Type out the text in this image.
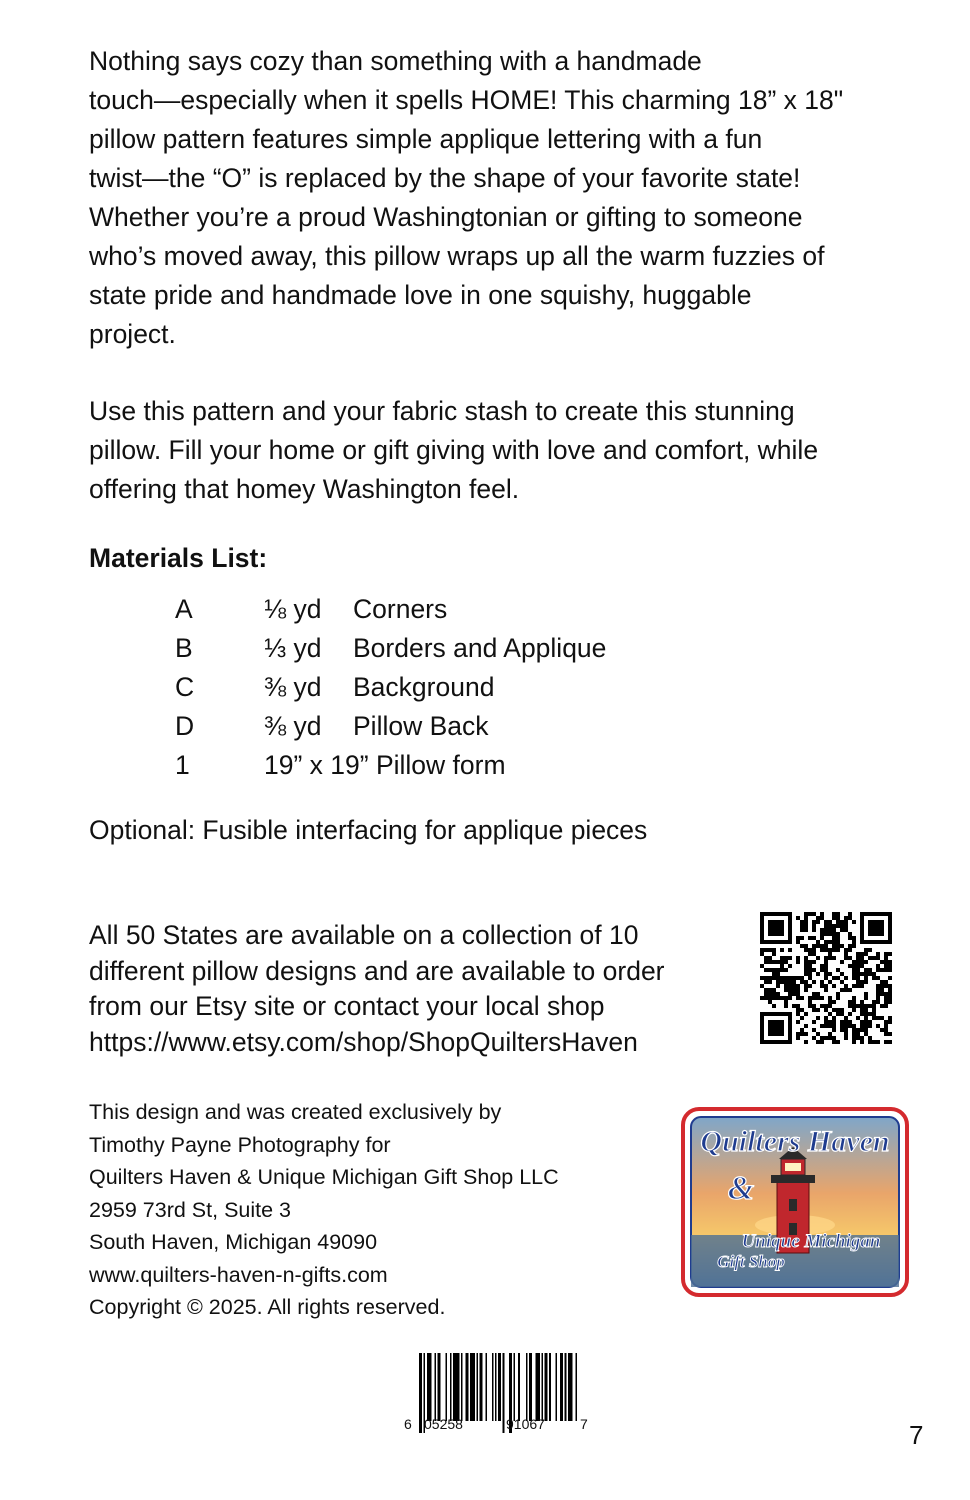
Nothing says cozy than something with a handmade
touch—especially when it spells HOME! This charming 18” x 18"
pillow pattern features simple applique lettering with a fun
twist—the “O” is replaced by the shape of your favorite state!
Whether you’re a proud Washingtonian or gifting to someone
who’s moved away, this pillow wraps up all the warm fuzzies of
state pride and handmade love in one squishy, huggable
project.
Use this pattern and your fabric stash to create this stunning
pillow. Fill your home or gift giving with love and comfort, while
offering that homey Washington feel.
Materials List:
A	⅛ yd Corners
B	⅓ yd Borders and Applique
C	⅜ yd Background
D	⅜ yd Pillow Back
1	19” x 19” Pillow form
Optional: Fusible interfacing for applique pieces
All 50 States are available on a collection of 10
different pillow designs and are available to order
from our Etsy site or contact your local shop
https://www.etsy.com/shop/ShopQuiltersHaven
This design and was created exclusively by
Timothy Payne Photography for
Quilters Haven & Unique Michigan Gift Shop LLC
2959 73rd St, Suite 3
South Haven, Michigan 49090
www.quilters-haven-n-gifts.com
Copyright © 2025. All rights reserved.
Quilters Haven
&
Unique Michigan
Gift Shop
6 05258	91067	7	7
